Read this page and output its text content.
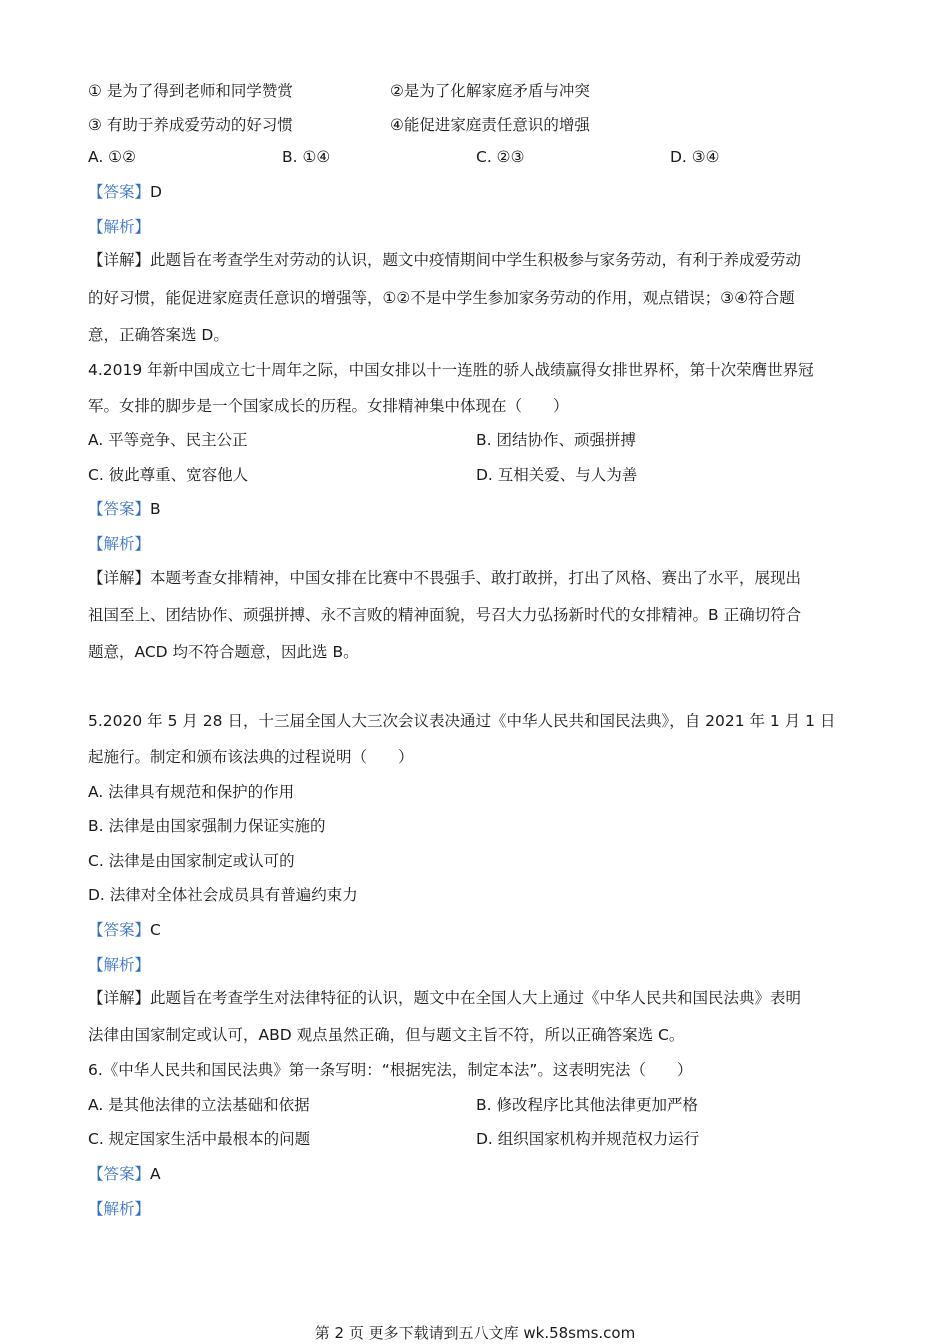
① 是为了得到老师和同学赞赏	②是为了化解家庭矛盾与冲突
③ 有助于养成爱劳动的好习惯	④能促进家庭责任意识的增强
A. ①②	B. ①④	C. ②③	D. ③④
【答案】D
【解析】
【详解】此题旨在考查学生对劳动的认识，题文中疫情期间中学生积极参与家务劳动，有利于养成爱劳动
的好习惯，能促进家庭责任意识的增强等，①②不是中学生参加家务劳动的作用，观点错误；③④符合题
意，正确答案选 D。
4.2019 年新中国成立七十周年之际，中国女排以十一连胜的骄人战绩赢得女排世界杯，第十次荣膺世界冠
军。女排的脚步是一个国家成长的历程。女排精神集中体现在（　　）
A. 平等竞争、民主公正	B. 团结协作、顽强拼搏
C. 彼此尊重、宽容他人	D. 互相关爱、与人为善
【答案】B
【解析】
【详解】本题考查女排精神，中国女排在比赛中不畏强手、敢打敢拼，打出了风格、赛出了水平，展现出
祖国至上、团结协作、顽强拼搏、永不言败的精神面貌，号召大力弘扬新时代的女排精神。B 正确切符合
题意，ACD 均不符合题意，因此选 B。
5.2020 年 5 月 28 日，十三届全国人大三次会议表决通过《中华人民共和国民法典》，自 2021 年 1 月 1 日
起施行。制定和颁布该法典的过程说明（　　）
A. 法律具有规范和保护的作用
B. 法律是由国家强制力保证实施的
C. 法律是由国家制定或认可的
D. 法律对全体社会成员具有普遍约束力
【答案】C
【解析】
【详解】此题旨在考查学生对法律特征的认识，题文中在全国人大上通过《中华人民共和国民法典》表明
法律由国家制定或认可，ABD 观点虽然正确，但与题文主旨不符，所以正确答案选 C。
6.《中华人民共和国民法典》第一条写明：“根据宪法，制定本法”。这表明宪法（　　）
A. 是其他法律的立法基础和依据	B. 修改程序比其他法律更加严格
C. 规定国家生活中最根本的问题	D. 组织国家机构并规范权力运行
【答案】A
【解析】
第 2 页 更多下载请到五八文库 wk.58sms.com
